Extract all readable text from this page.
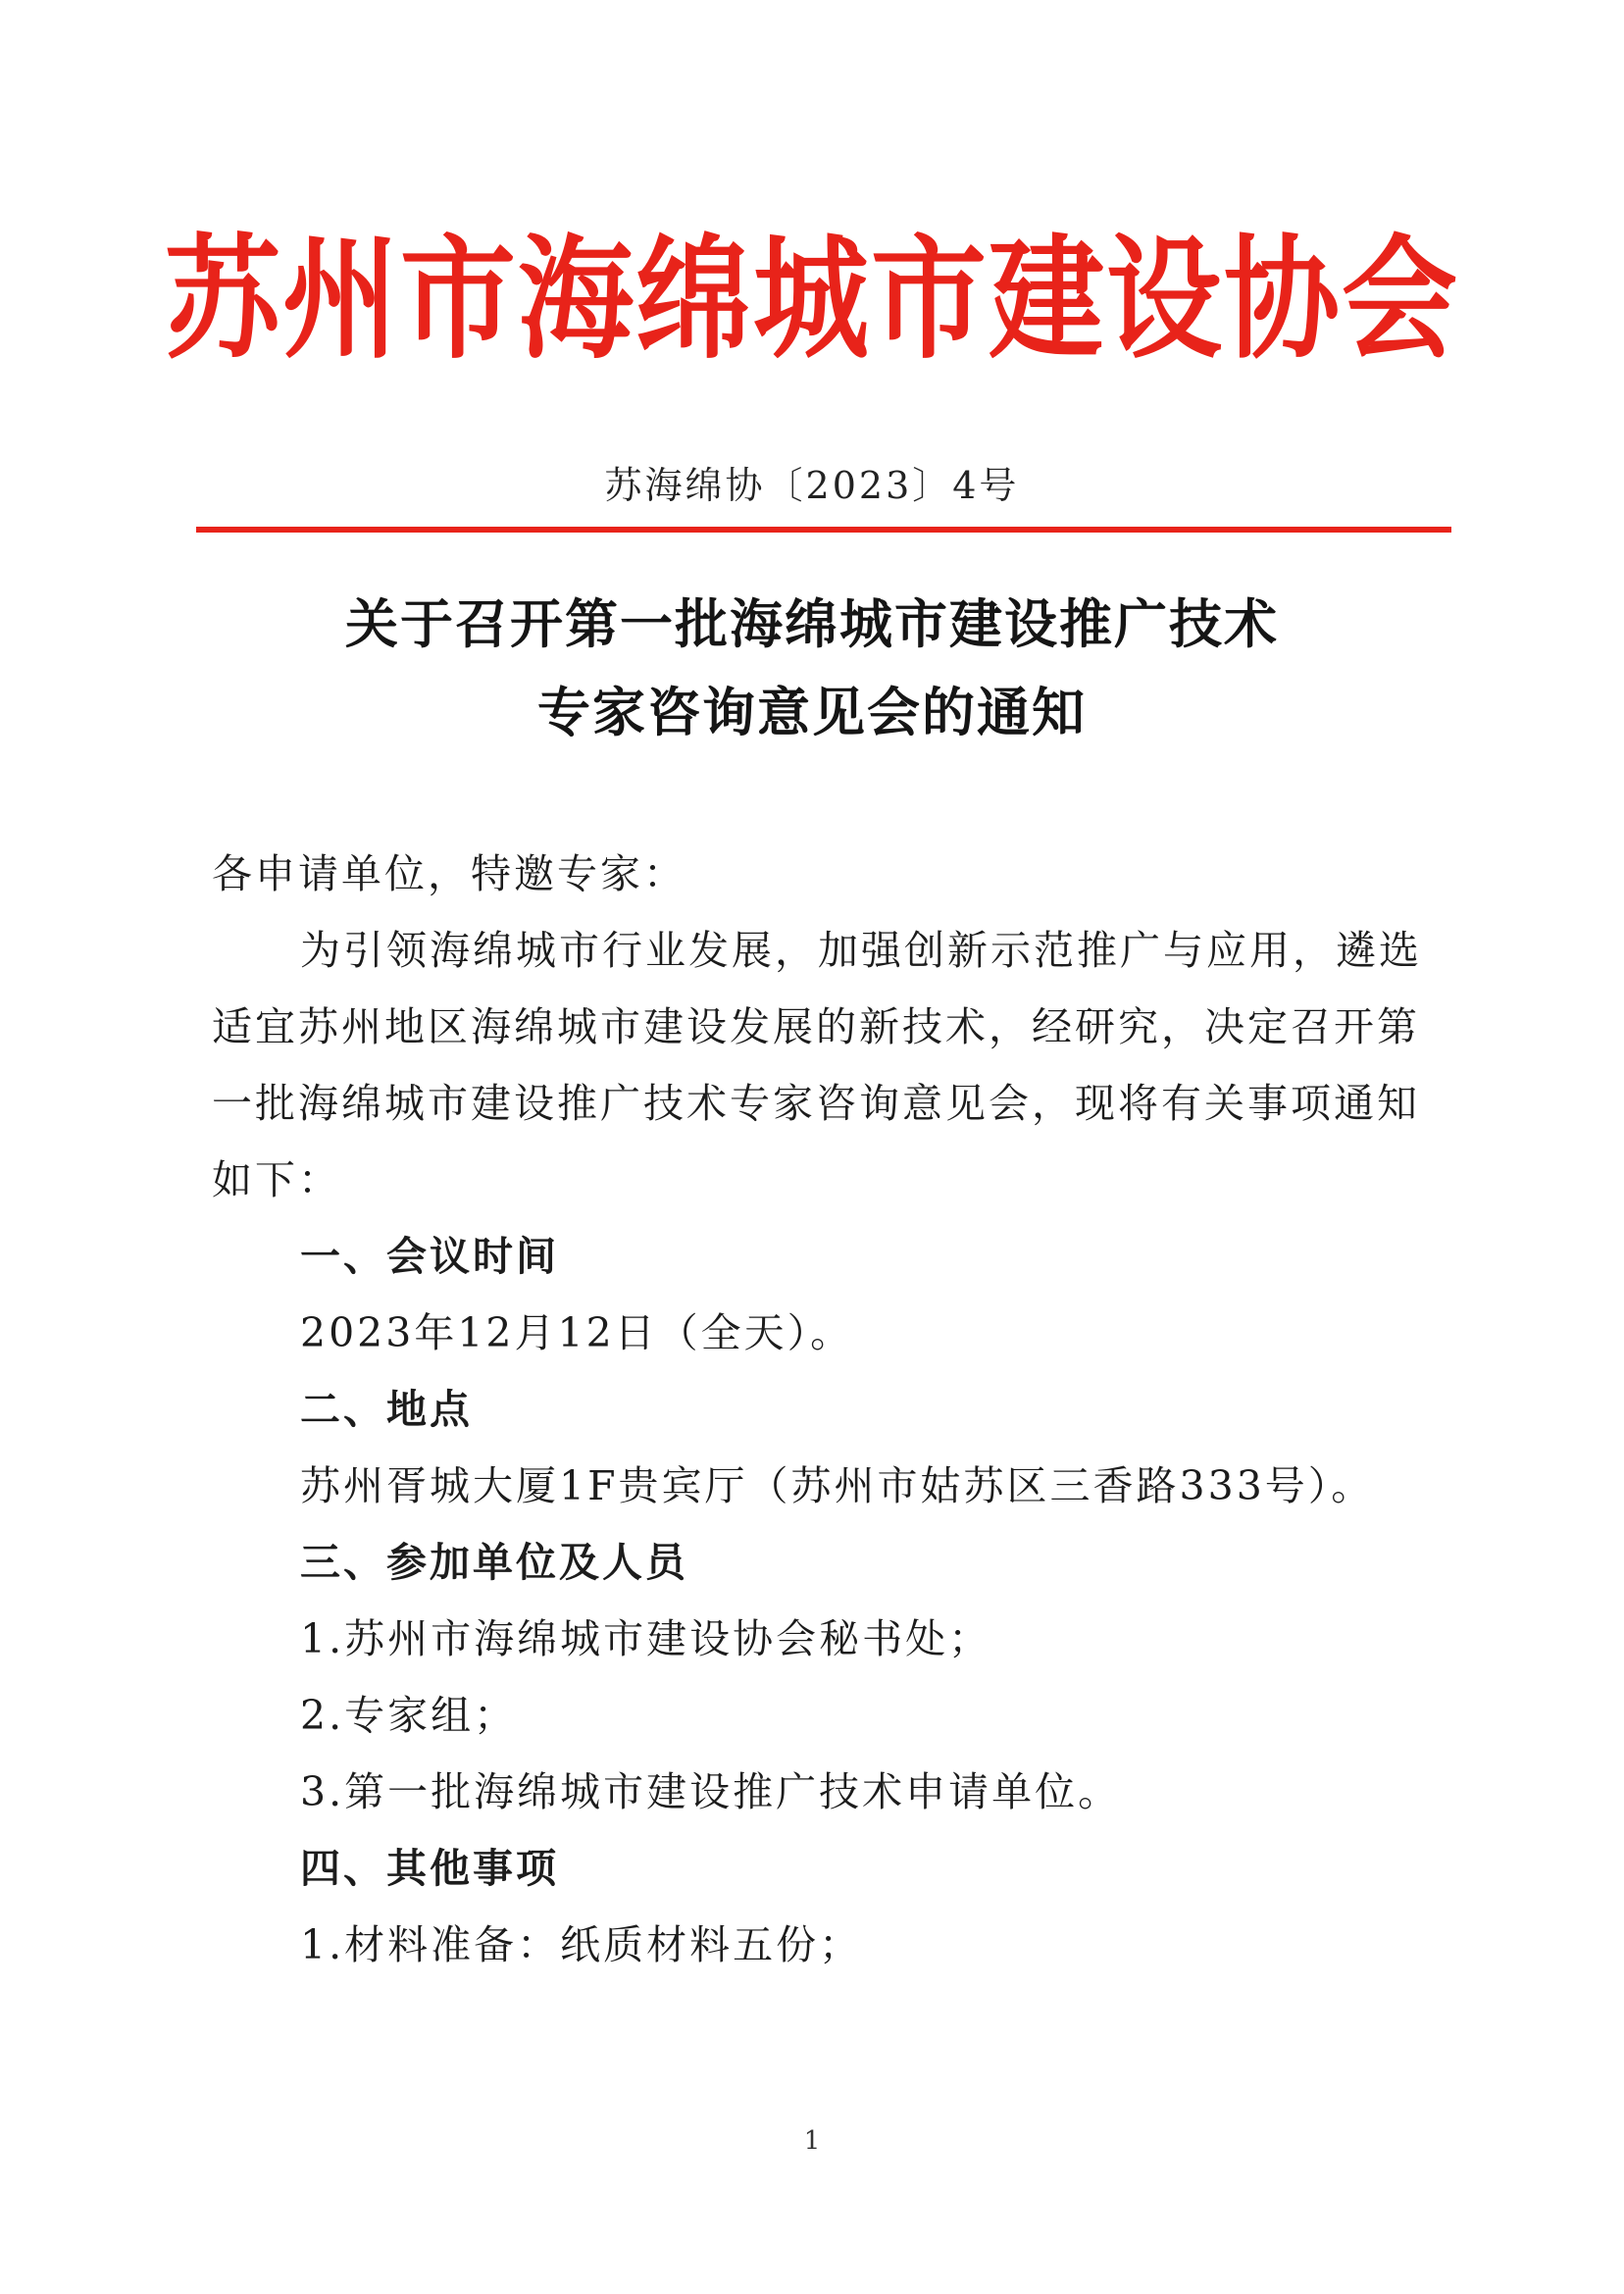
苏州市海绵城市建设协会
苏海绵协〔2023〕4号
关于召开第一批海绵城市建设推广技术
专家咨询意见会的通知

各申请单位，特邀专家：

为引领海绵城市行业发展，加强创新示范推广与应用，遴选

适宜苏州地区海绵城市建设发展的新技术，经研究，决定召开第

一批海绵城市建设推广技术专家咨询意见会，现将有关事项通知

如下：

一、会议时间

2023年12月12日（全天）。

二、地点

苏州胥城大厦1F贵宾厅（苏州市姑苏区三香路333号）。

三、参加单位及人员

1.苏州市海绵城市建设协会秘书处；

2.专家组；

3.第一批海绵城市建设推广技术申请单位。

四、其他事项

1.材料准备：纸质材料五份；

1
